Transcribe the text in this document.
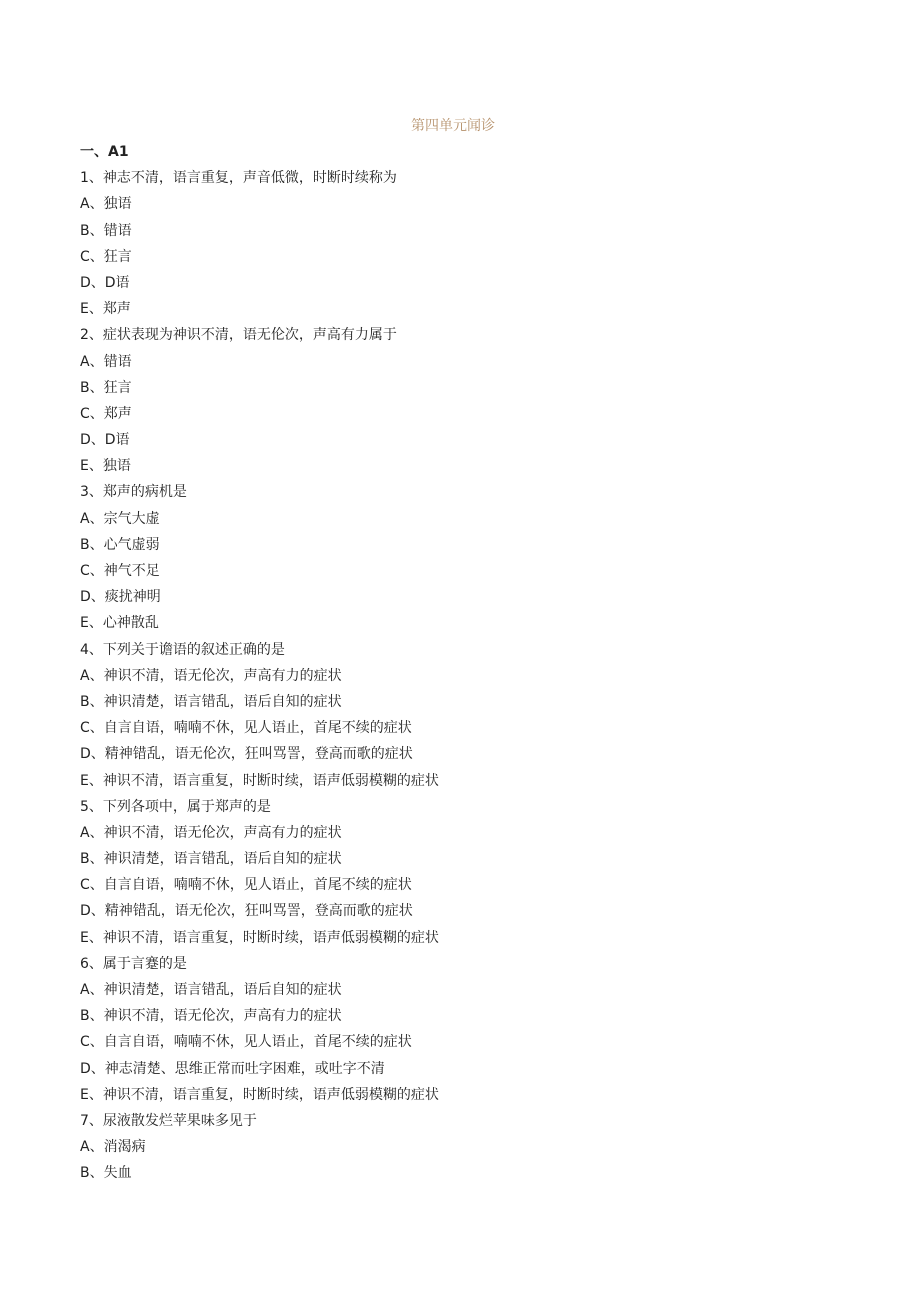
第四单元闻诊
一、A1
1、神志不清，语言重复，声音低微，时断时续称为
A、独语
B、错语
C、狂言
D、D语
E、郑声
2、症状表现为神识不清，语无伦次，声高有力属于
A、错语
B、狂言
C、郑声
D、D语
E、独语
3、郑声的病机是
A、宗气大虚
B、心气虚弱
C、神气不足
D、痰扰神明
E、心神散乱
4、下列关于谵语的叙述正确的是
A、神识不清，语无伦次，声高有力的症状
B、神识清楚，语言错乱，语后自知的症状
C、自言自语，喃喃不休，见人语止，首尾不续的症状
D、精神错乱，语无伦次，狂叫骂詈，登高而歌的症状
E、神识不清，语言重复，时断时续，语声低弱模糊的症状
5、下列各项中，属于郑声的是
A、神识不清，语无伦次，声高有力的症状
B、神识清楚，语言错乱，语后自知的症状
C、自言自语，喃喃不休，见人语止，首尾不续的症状
D、精神错乱，语无伦次，狂叫骂詈，登高而歌的症状
E、神识不清，语言重复，时断时续，语声低弱模糊的症状
6、属于言蹇的是
A、神识清楚，语言错乱，语后自知的症状
B、神识不清，语无伦次，声高有力的症状
C、自言自语，喃喃不休，见人语止，首尾不续的症状
D、神志清楚、思维正常而吐字困难，或吐字不清
E、神识不清，语言重复，时断时续，语声低弱模糊的症状
7、尿液散发烂苹果味多见于
A、消渴病
B、失血
